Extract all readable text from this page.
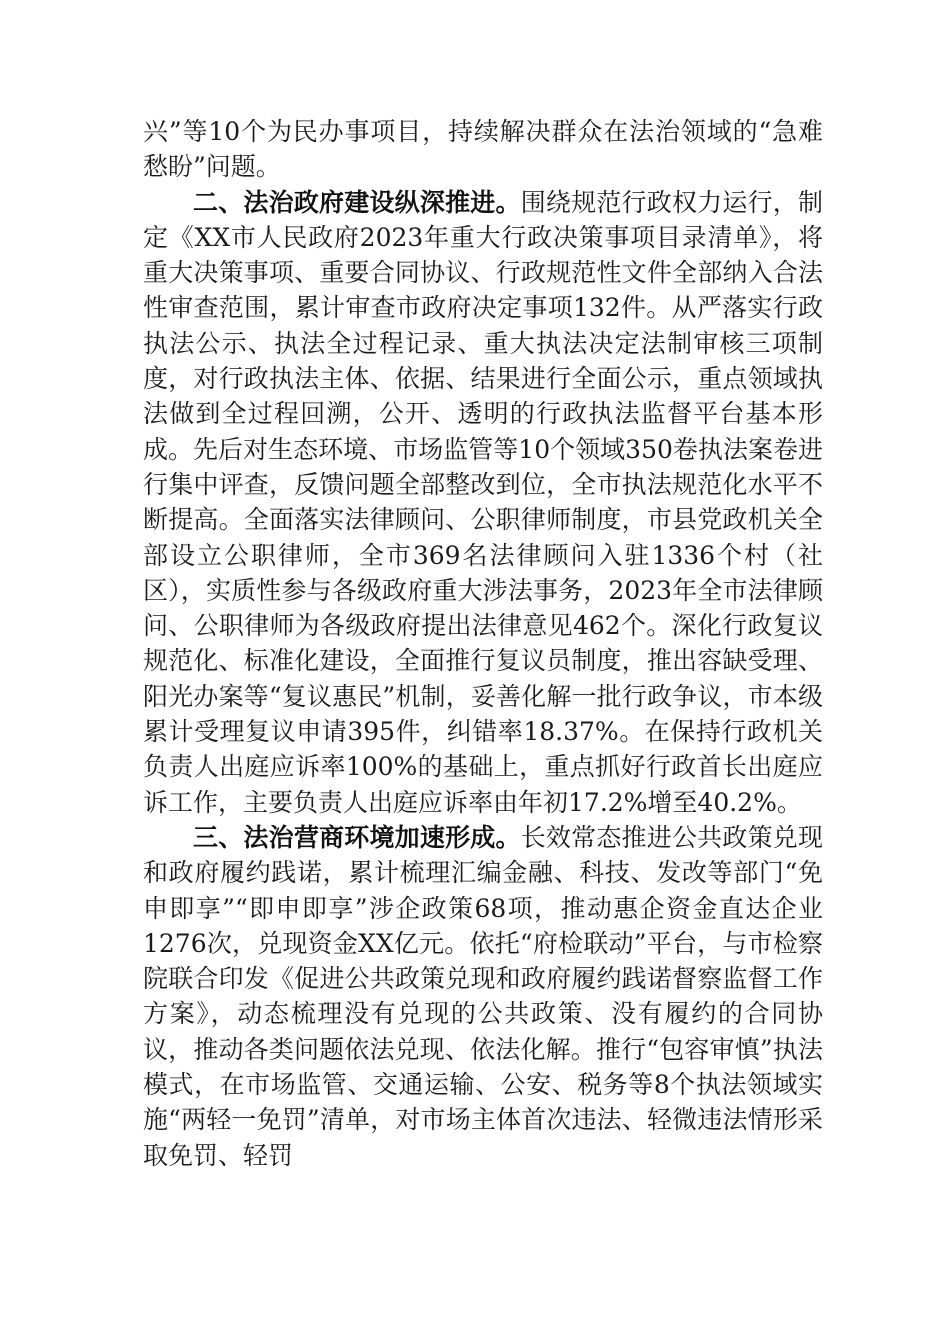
兴”等10个为民办事项目，持续解决群众在法治领域的“急难愁盼”问题。

二、法治政府建设纵深推进。围绕规范行政权力运行，制定《XX市人民政府2023年重大行政决策事项目录清单》，将重大决策事项、重要合同协议、行政规范性文件全部纳入合法性审查范围，累计审查市政府决定事项132件。从严落实行政执法公示、执法全过程记录、重大执法决定法制审核三项制度，对行政执法主体、依据、结果进行全面公示，重点领域执法做到全过程回溯，公开、透明的行政执法监督平台基本形成。先后对生态环境、市场监管等10个领域350卷执法案卷进行集中评查，反馈问题全部整改到位，全市执法规范化水平不断提高。全面落实法律顾问、公职律师制度，市县党政机关全部设立公职律师，全市369名法律顾问入驻1336个村（社区），实质性参与各级政府重大涉法事务，2023年全市法律顾问、公职律师为各级政府提出法律意见462个。深化行政复议规范化、标准化建设，全面推行复议员制度，推出容缺受理、阳光办案等“复议惠民”机制，妥善化解一批行政争议，市本级累计受理复议申请395件，纠错率18.37%。在保持行政机关负责人出庭应诉率100%的基础上，重点抓好行政首长出庭应诉工作，主要负责人出庭应诉率由年初17.2%增至40.2%。

三、法治营商环境加速形成。长效常态推进公共政策兑现和政府履约践诺，累计梳理汇编金融、科技、发改等部门“免申即享”“即申即享”涉企政策68项，推动惠企资金直达企业1276次，兑现资金XX亿元。依托“府检联动”平台，与市检察院联合印发《促进公共政策兑现和政府履约践诺督察监督工作方案》，动态梳理没有兑现的公共政策、没有履约的合同协议，推动各类问题依法兑现、依法化解。推行“包容审慎”执法模式，在市场监管、交通运输、公安、税务等8个执法领域实施“两轻一免罚”清单，对市场主体首次违法、轻微违法情形采取免罚、轻罚
